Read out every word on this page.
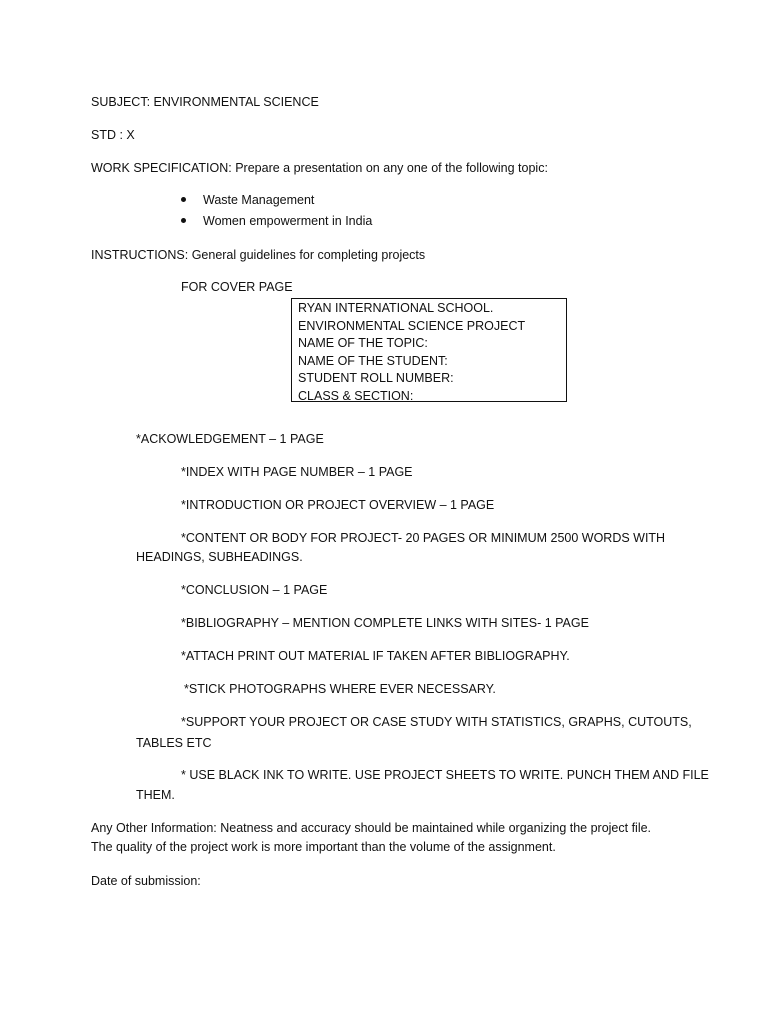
SUBJECT: ENVIRONMENTAL SCIENCE
STD : X
WORK SPECIFICATION: Prepare a presentation on any one of the following topic:
Waste Management
Women empowerment in India
INSTRUCTIONS: General guidelines for completing projects
FOR COVER PAGE
RYAN INTERNATIONAL SCHOOL.
ENVIRONMENTAL SCIENCE PROJECT
NAME OF THE TOPIC:
NAME OF THE STUDENT:
STUDENT ROLL NUMBER:
CLASS & SECTION:
*ACKOWLEDGEMENT – 1 PAGE
*INDEX WITH PAGE NUMBER – 1 PAGE
*INTRODUCTION OR PROJECT OVERVIEW – 1 PAGE
*CONTENT OR BODY FOR PROJECT- 20 PAGES OR MINIMUM 2500 WORDS WITH
HEADINGS, SUBHEADINGS.
*CONCLUSION – 1 PAGE
*BIBLIOGRAPHY – MENTION COMPLETE LINKS WITH SITES- 1 PAGE
*ATTACH PRINT OUT MATERIAL IF TAKEN AFTER BIBLIOGRAPHY.
*STICK PHOTOGRAPHS WHERE EVER NECESSARY.
*SUPPORT YOUR PROJECT OR CASE STUDY WITH STATISTICS, GRAPHS, CUTOUTS,
TABLES ETC
* USE BLACK INK TO WRITE. USE PROJECT SHEETS TO WRITE. PUNCH THEM AND FILE
THEM.
Any Other Information: Neatness and accuracy should be maintained while organizing the project file.
The quality of the project work is more important than the volume of the assignment.
Date of submission:
